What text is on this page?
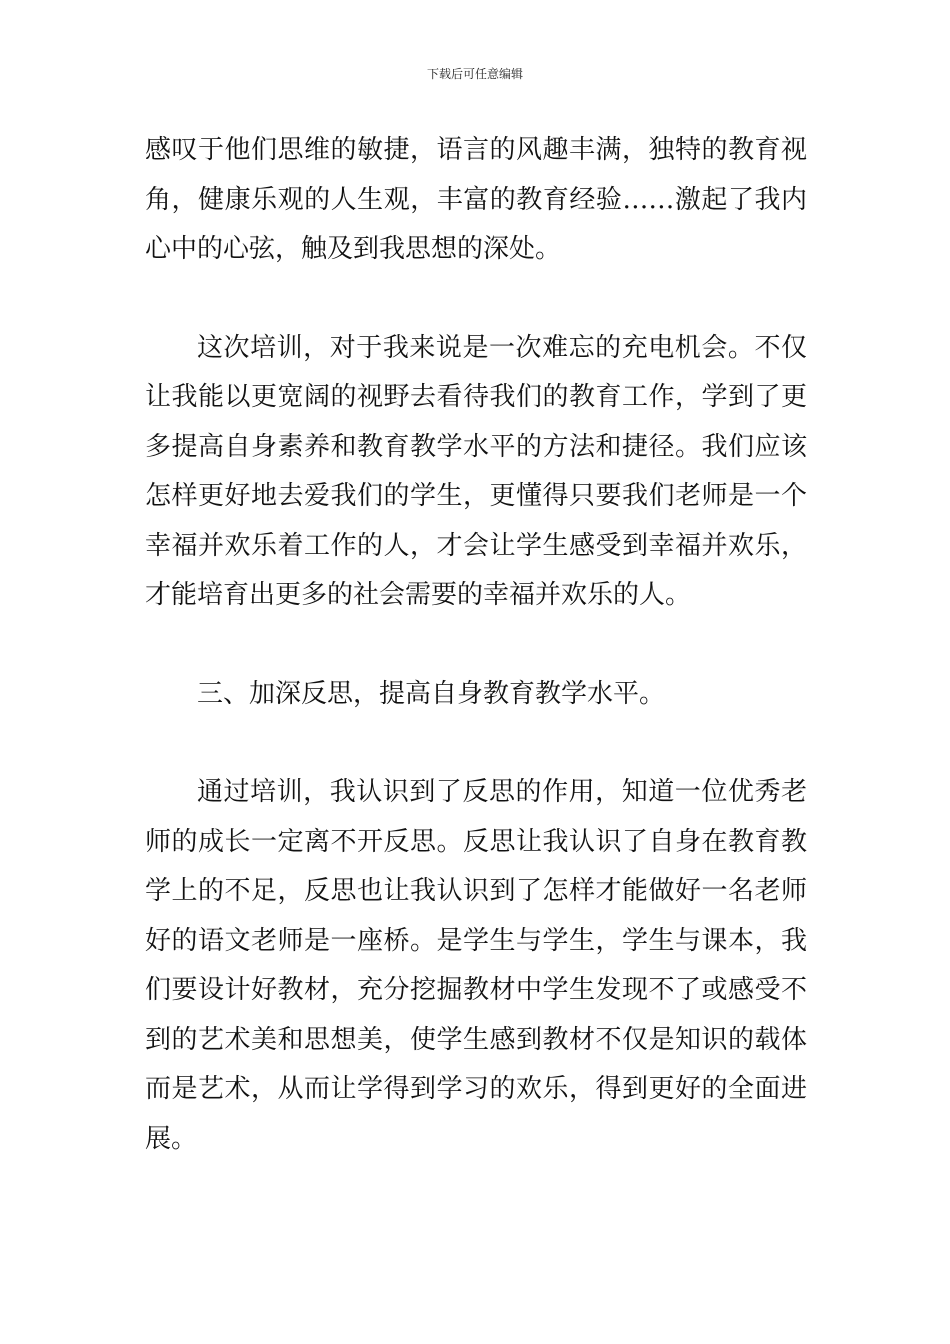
下载后可任意编辑

感叹于他们思维的敏捷，语言的风趣丰满，独特的教育视角，健康乐观的人生观，丰富的教育经验……激起了我内心中的心弦，触及到我思想的深处。

这次培训，对于我来说是一次难忘的充电机会。不仅让我能以更宽阔的视野去看待我们的教育工作，学到了更多提高自身素养和教育教学水平的方法和捷径。我们应该怎样更好地去爱我们的学生，更懂得只要我们老师是一个幸福并欢乐着工作的人，才会让学生感受到幸福并欢乐，才能培育出更多的社会需要的幸福并欢乐的人。

三、加深反思，提高自身教育教学水平。

通过培训，我认识到了反思的作用，知道一位优秀老师的成长一定离不开反思。反思让我认识了自身在教育教学上的不足，反思也让我认识到了怎样才能做好一名老师好的语文老师是一座桥。是学生与学生，学生与课本，我们要设计好教材，充分挖掘教材中学生发现不了或感受不到的艺术美和思想美，使学生感到教材不仅是知识的载体而是艺术，从而让学得到学习的欢乐，得到更好的全面进展。
